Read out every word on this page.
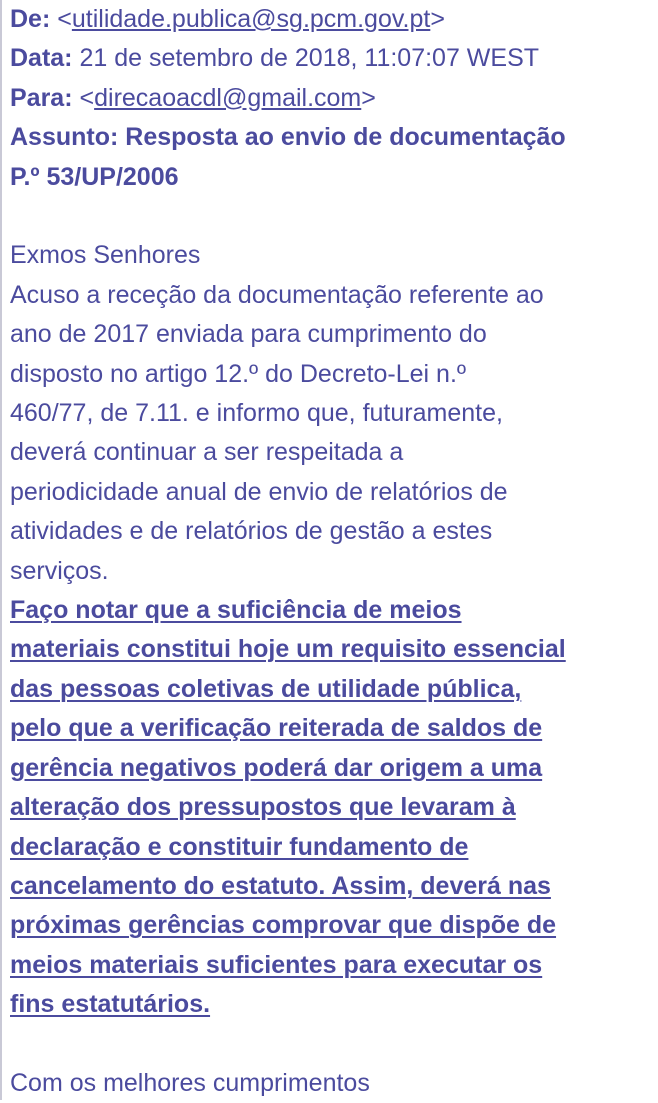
De: <utilidade.publica@sg.pcm.gov.pt>
Data: 21 de setembro de 2018, 11:07:07 WEST
Para: <direcaoacdl@gmail.com>
Assunto: Resposta ao envio de documentação
P.º 53/UP/2006
Exmos Senhores
Acuso a receção da documentação referente ao
ano de 2017 enviada para cumprimento do
disposto no artigo 12.º do Decreto-Lei n.º
460/77, de 7.11. e informo que, futuramente,
deverá continuar a ser respeitada a
periodicidade anual de envio de relatórios de
atividades e de relatórios de gestão a estes
serviços.
Faço notar que a suficiência de meios
materiais constitui hoje um requisito essencial
das pessoas coletivas de utilidade pública,
pelo que a verificação reiterada de saldos de
gerência negativos poderá dar origem a uma
alteração dos pressupostos que levaram à
declaração e constituir fundamento de
cancelamento do estatuto. Assim, deverá nas
próximas gerências comprovar que dispõe de
meios materiais suficientes para executar os
fins estatutários.
Com os melhores cumprimentos
